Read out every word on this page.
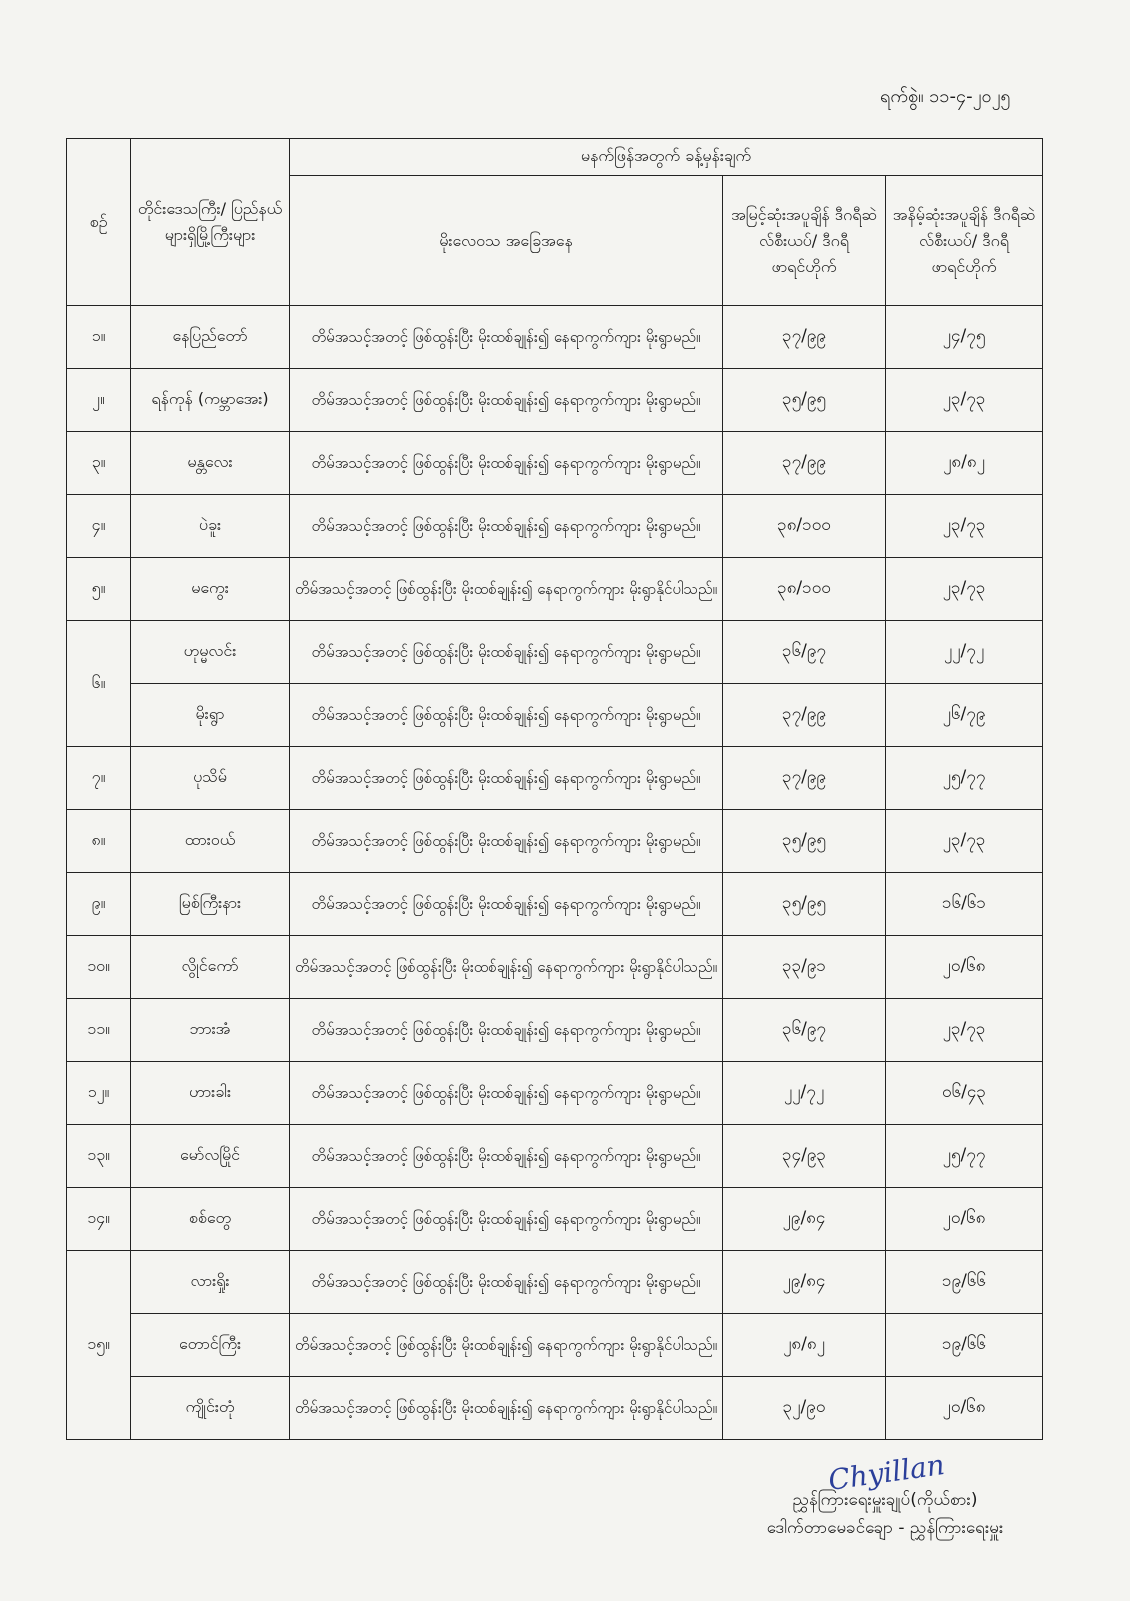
ရက်စွဲ။ ၁၁-၄-၂၀၂၅
စဉ်	တိုင်းဒေသကြီး/ ပြည်နယ်များရှိမြို့ကြီးများ	မနက်ဖြန်အတွက် ခန့်မှန်းချက်		
		မိုးလေဝသ အခြေအနေ	အမြင့်ဆုံးအပူချိန် ဒီဂရီဆဲလ်စီးယပ်/ ဒီဂရီဖာရင်ဟိုက်	အနိမ့်ဆုံးအပူချိန် ဒီဂရီဆဲလ်စီးယပ်/ ဒီဂရီဖာရင်ဟိုက်
၁။	နေပြည်တော်	တိမ်အသင့်အတင့် ဖြစ်ထွန်းပြီး မိုးထစ်ချုန်း၍ နေရာကွက်ကျား မိုးရွာမည်။	၃၇/၉၉	၂၄/၇၅
၂။	ရန်ကုန် (ကမ္ဘာအေး)	တိမ်အသင့်အတင့် ဖြစ်ထွန်းပြီး မိုးထစ်ချုန်း၍ နေရာကွက်ကျား မိုးရွာမည်။	၃၅/၉၅	၂၃/၇၃
၃။	မန္တလေး	တိမ်အသင့်အတင့် ဖြစ်ထွန်းပြီး မိုးထစ်ချုန်း၍ နေရာကွက်ကျား မိုးရွာမည်။	၃၇/၉၉	၂၈/၈၂
၄။	ပဲခူး	တိမ်အသင့်အတင့် ဖြစ်ထွန်းပြီး မိုးထစ်ချုန်း၍ နေရာကွက်ကျား မိုးရွာမည်။	၃၈/၁၀၀	၂၃/၇၃
၅။	မကွေး	တိမ်အသင့်အတင့် ဖြစ်ထွန်းပြီး မိုးထစ်ချုန်း၍ နေရာကွက်ကျား မိုးရွာနိုင်ပါသည်။	၃၈/၁၀၀	၂၃/၇၃
၆။	ဟုမ္မလင်း	တိမ်အသင့်အတင့် ဖြစ်ထွန်းပြီး မိုးထစ်ချုန်း၍ နေရာကွက်ကျား မိုးရွာမည်။	၃၆/၉၇	၂၂/၇၂
	မိုးရွာ	တိမ်အသင့်အတင့် ဖြစ်ထွန်းပြီး မိုးထစ်ချုန်း၍ နေရာကွက်ကျား မိုးရွာမည်။	၃၇/၉၉	၂၆/၇၉
၇။	ပုသိမ်	တိမ်အသင့်အတင့် ဖြစ်ထွန်းပြီး မိုးထစ်ချုန်း၍ နေရာကွက်ကျား မိုးရွာမည်။	၃၇/၉၉	၂၅/၇၇
၈။	ထားဝယ်	တိမ်အသင့်အတင့် ဖြစ်ထွန်းပြီး မိုးထစ်ချုန်း၍ နေရာကွက်ကျား မိုးရွာမည်။	၃၅/၉၅	၂၃/၇၃
၉။	မြစ်ကြီးနား	တိမ်အသင့်အတင့် ဖြစ်ထွန်းပြီး မိုးထစ်ချုန်း၍ နေရာကွက်ကျား မိုးရွာမည်။	၃၅/၉၅	၁၆/၆၁
၁၀။	လွိုင်ကော်	တိမ်အသင့်အတင့် ဖြစ်ထွန်းပြီး မိုးထစ်ချုန်း၍ နေရာကွက်ကျား မိုးရွာနိုင်ပါသည်။	၃၃/၉၁	၂၀/၆၈
၁၁။	ဘားအံ	တိမ်အသင့်အတင့် ဖြစ်ထွန်းပြီး မိုးထစ်ချုန်း၍ နေရာကွက်ကျား မိုးရွာမည်။	၃၆/၉၇	၂၃/၇၃
၁၂။	ဟားခါး	တိမ်အသင့်အတင့် ဖြစ်ထွန်းပြီး မိုးထစ်ချုန်း၍ နေရာကွက်ကျား မိုးရွာမည်။	၂၂/၇၂	၀၆/၄၃
၁၃။	မော်လမြိုင်	တိမ်အသင့်အတင့် ဖြစ်ထွန်းပြီး မိုးထစ်ချုန်း၍ နေရာကွက်ကျား မိုးရွာမည်။	၃၄/၉၃	၂၅/၇၇
၁၄။	စစ်တွေ	တိမ်အသင့်အတင့် ဖြစ်ထွန်းပြီး မိုးထစ်ချုန်း၍ နေရာကွက်ကျား မိုးရွာမည်။	၂၉/၈၄	၂၀/၆၈
၁၅။	လားရှိုး	တိမ်အသင့်အတင့် ဖြစ်ထွန်းပြီး မိုးထစ်ချုန်း၍ နေရာကွက်ကျား မိုးရွာမည်။	၂၉/၈၄	၁၉/၆၆
	တောင်ကြီး	တိမ်အသင့်အတင့် ဖြစ်ထွန်းပြီး မိုးထစ်ချုန်း၍ နေရာကွက်ကျား မိုးရွာနိုင်ပါသည်။	၂၈/၈၂	၁၉/၆၆
	ကျိုင်းတုံ	တိမ်အသင့်အတင့် ဖြစ်ထွန်းပြီး မိုးထစ်ချုန်း၍ နေရာကွက်ကျား မိုးရွာနိုင်ပါသည်။	၃၂/၉၀	၂၀/၆၈
Chyillan
ညွှန်ကြားရေးမှူးချုပ်(ကိုယ်စား)
ဒေါက်တာမေခင်ချော - ညွှန်ကြားရေးမှူး
